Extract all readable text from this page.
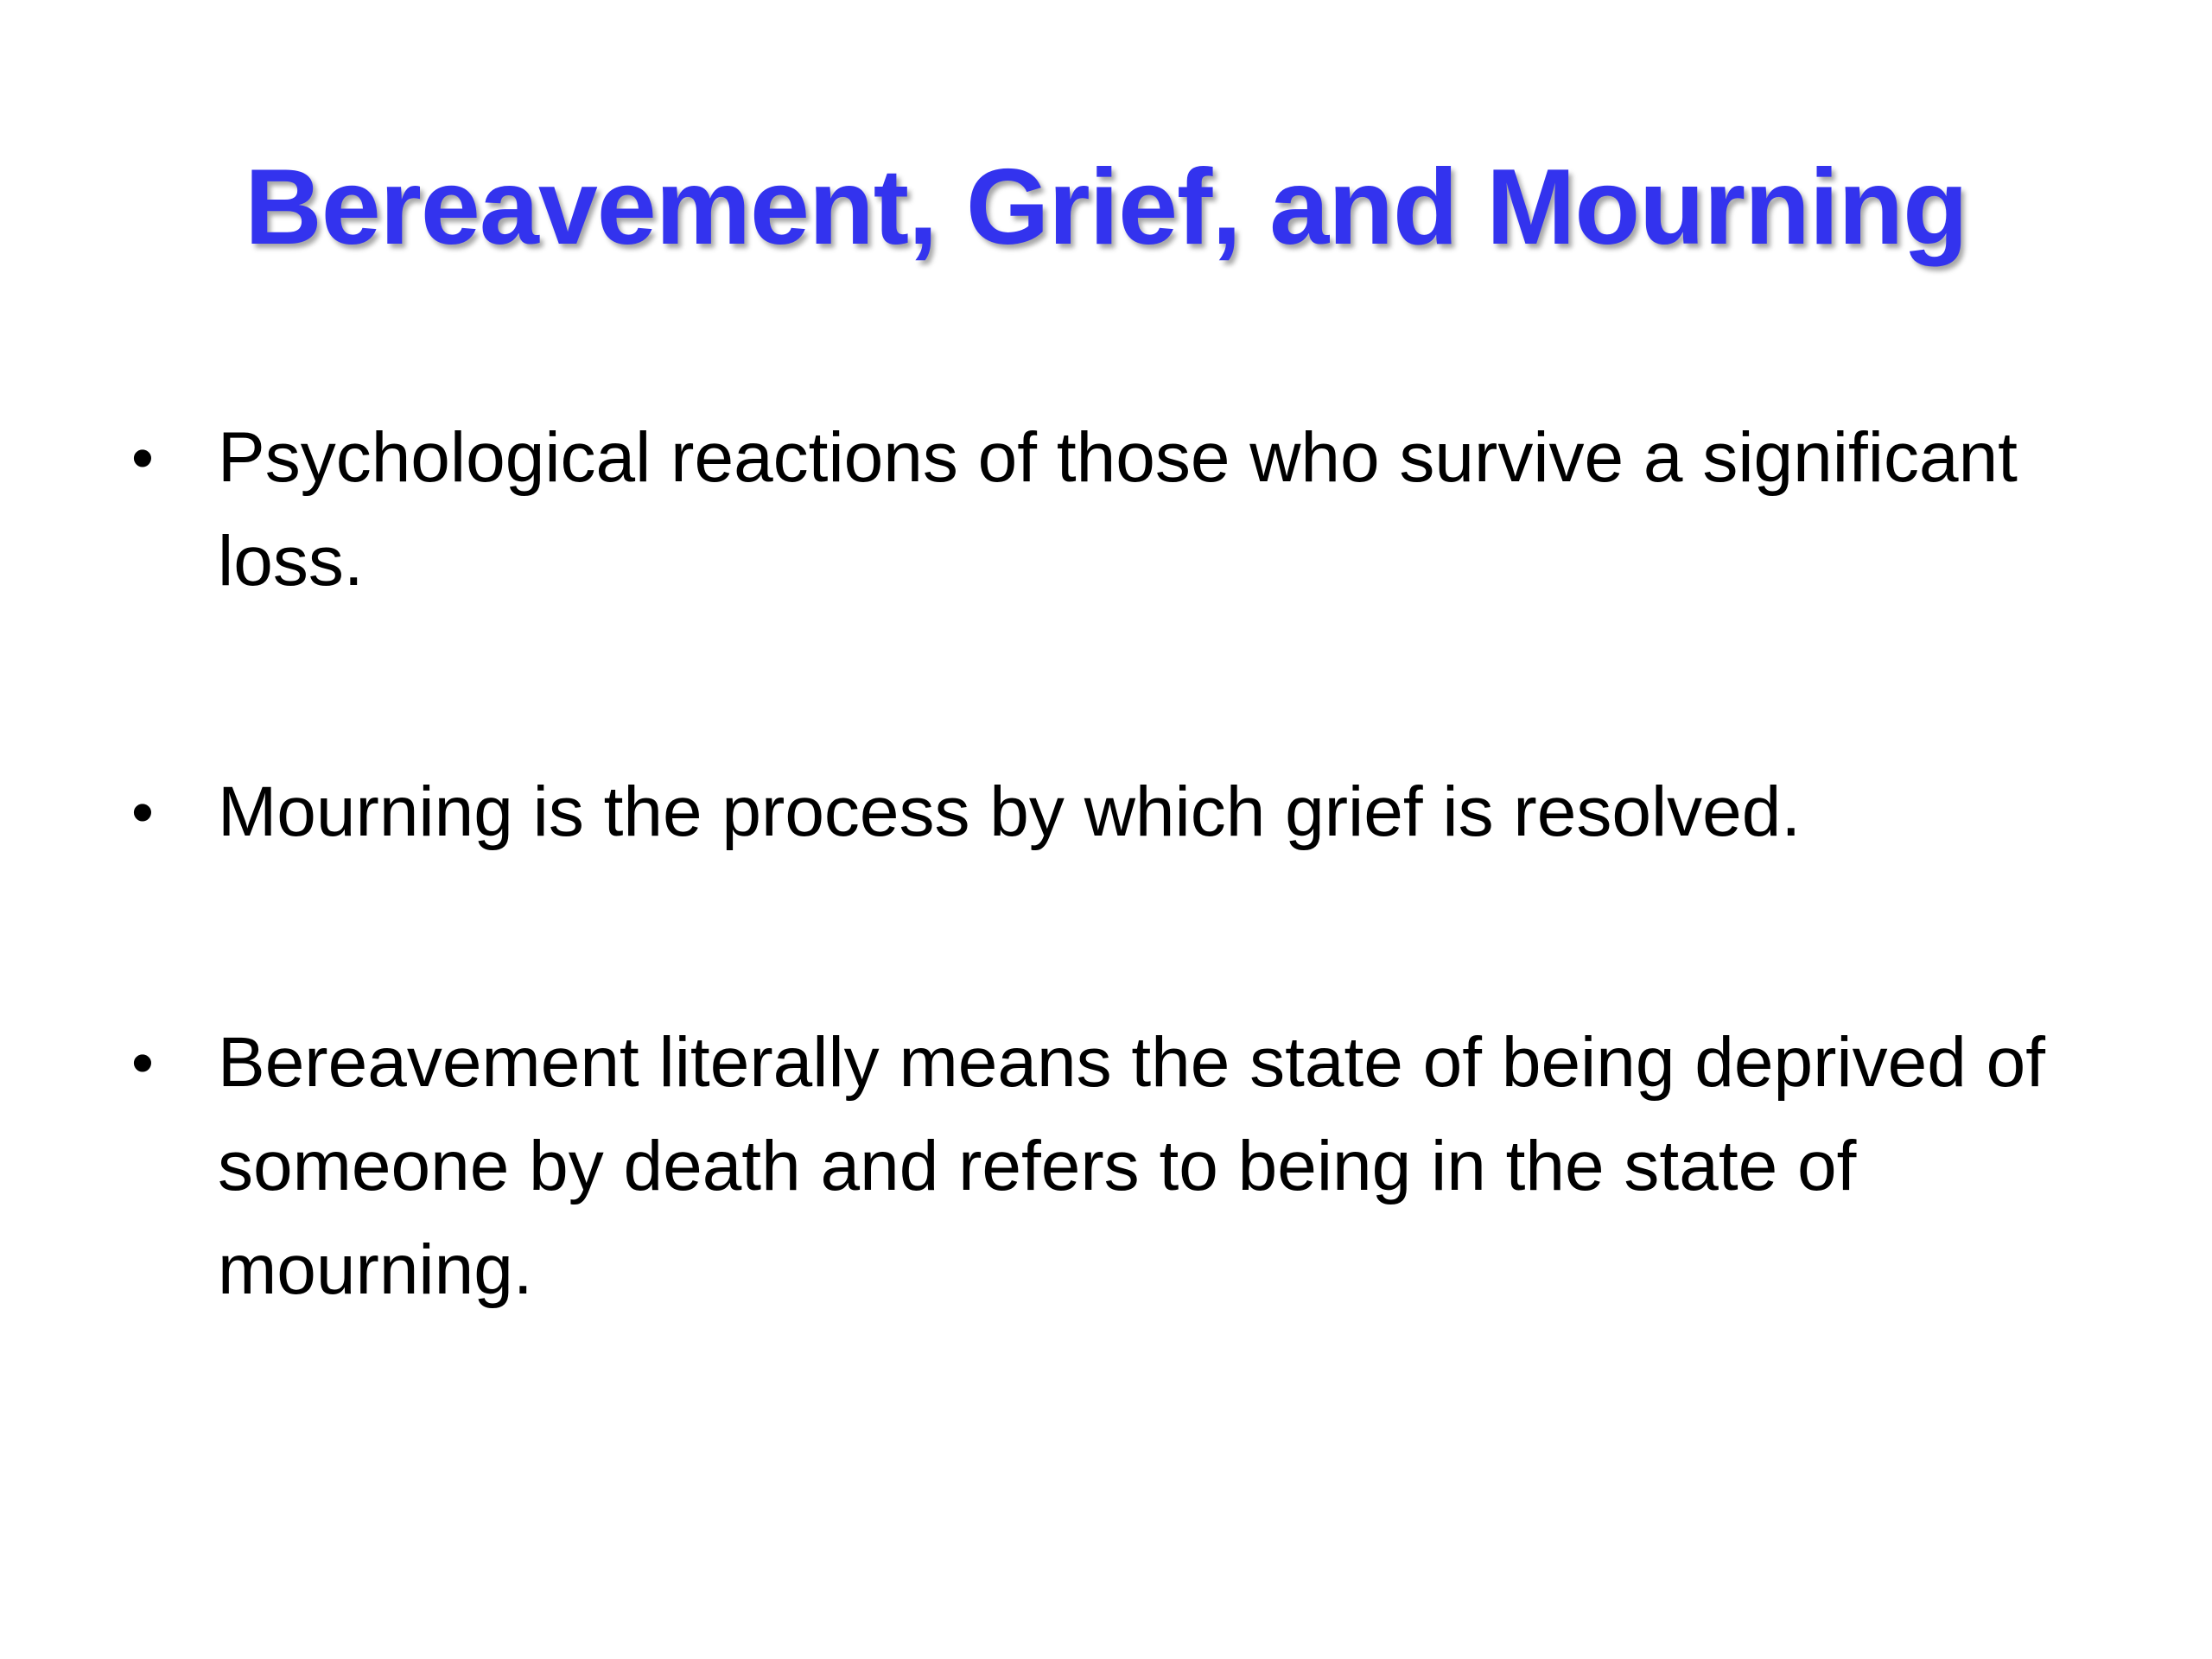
Bereavement, Grief, and Mourning
• Psychological reactions of those who survive a significant loss.

• Mourning is the process by which grief is resolved.

• Bereavement literally means the state of being deprived of someone by death and refers to being in the state of mourning.
